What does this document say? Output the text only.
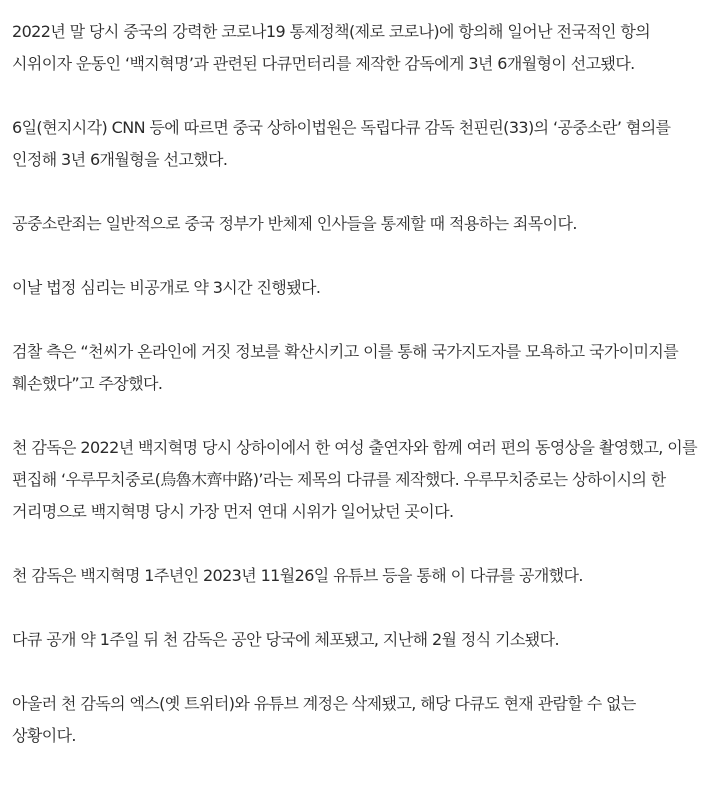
2022년 말 당시 중국의 강력한 코로나19 통제정책(제로 코로나)에 항의해 일어난 전국적인 항의 시위이자 운동인 ‘백지혁명’과 관련된 다큐먼터리를 제작한 감독에게 3년 6개월형이 선고됐다.

6일(현지시각) CNN 등에 따르면 중국 상하이법원은 독립다큐 감독 천핀린(33)의 ‘공중소란’ 혐의를 인정해 3년 6개월형을 선고했다.

공중소란죄는 일반적으로 중국 정부가 반체제 인사들을 통제할 때 적용하는 죄목이다.

이날 법정 심리는 비공개로 약 3시간 진행됐다.

검찰 측은 “천씨가 온라인에 거짓 정보를 확산시키고 이를 통해 국가지도자를 모욕하고 국가이미지를 훼손했다”고 주장했다.

천 감독은 2022년 백지혁명 당시 상하이에서 한 여성 출연자와 함께 여러 편의 동영상을 촬영했고, 이를 편집해 ‘우루무치중로(烏魯木齊中路)’라는 제목의 다큐를 제작했다. 우루무치중로는 상하이시의 한 거리명으로 백지혁명 당시 가장 먼저 연대 시위가 일어났던 곳이다.

천 감독은 백지혁명 1주년인 2023년 11월26일 유튜브 등을 통해 이 다큐를 공개했다.

다큐 공개 약 1주일 뒤 천 감독은 공안 당국에 체포됐고, 지난해 2월 정식 기소됐다.

아울러 천 감독의 엑스(옛 트위터)와 유튜브 계정은 삭제됐고, 해당 다큐도 현재 관람할 수 없는 상황이다.
